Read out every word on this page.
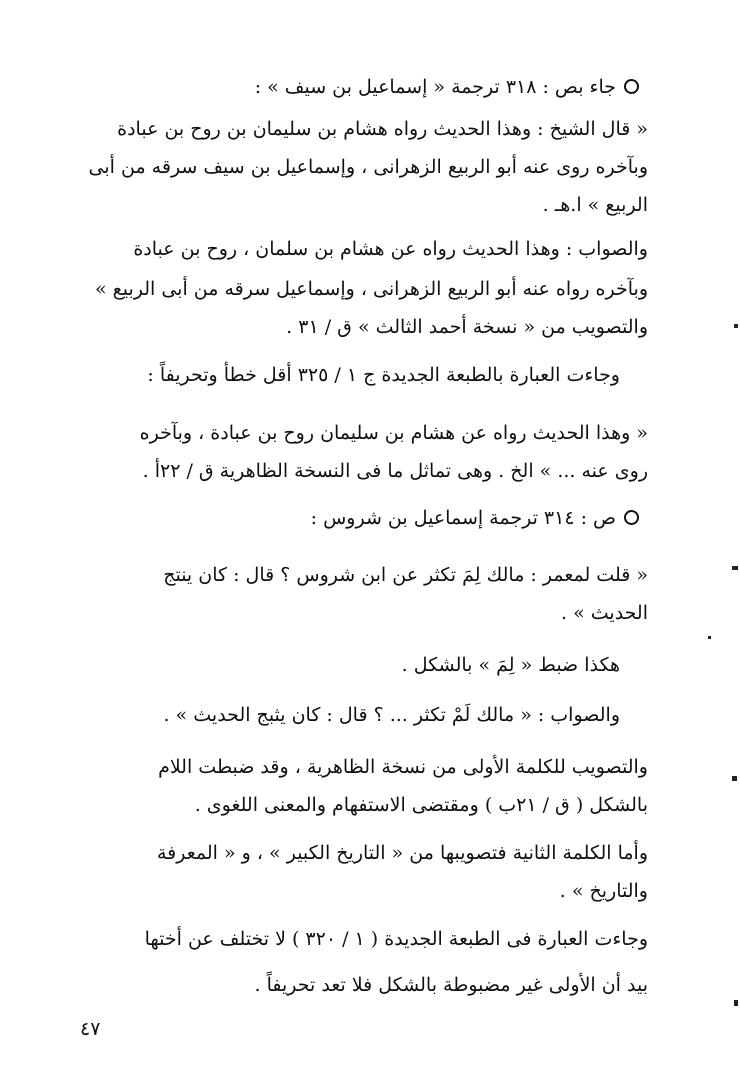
جاء بص : ٣١٨ ترجمة « إسماعيل بن سيف » :
« قال الشيخ : وهذا الحديث رواه هشام بن سليمان بن روح بن عبادة
وبآخره روى عنه أبو الربيع الزهرانى ، وإسماعيل بن سيف سرقه من أبى
الربيع » ا.هـ .
والصواب : وهذا الحديث رواه عن هشام بن سلمان ، روح بن عبادة
وبآخره رواه عنه أبو الربيع الزهرانى ، وإسماعيل سرقه من أبى الربيع »
والتصويب من « نسخة أحمد الثالث » ق / ٣١ .
وجاءت العبارة بالطبعة الجديدة ج ١ / ٣٢٥ أقل خطأ وتحريفاً :
« وهذا الحديث رواه عن هشام بن سليمان روح بن عبادة ، وبآخره
روى عنه ... » الخ . وهى تماثل ما فى النسخة الظاهرية ق / ٢٢أ .
ص : ٣١٤ ترجمة إسماعيل بن شروس :
« قلت لمعمر : مالك لِمَ تكثر عن ابن شروس ؟ قال : كان ينتج
الحديث » .
هكذا ضبط « لِمَ » بالشكل .
والصواب : « مالك لَمْ تكثر ... ؟ قال : كان يثبج الحديث » .
والتصويب للكلمة الأولى من نسخة الظاهرية ، وقد ضبطت اللام
بالشكل ( ق / ٢١ب ) ومقتضى الاستفهام والمعنى اللغوى .
وأما الكلمة الثانية فتصويبها من « التاريخ الكبير » ، و « المعرفة
والتاريخ » .
وجاءت العبارة فى الطبعة الجديدة ( ١ / ٣٢٠ ) لا تختلف عن أختها
بيد أن الأولى غير مضبوطة بالشكل فلا تعد تحريفاً .
٤٧
